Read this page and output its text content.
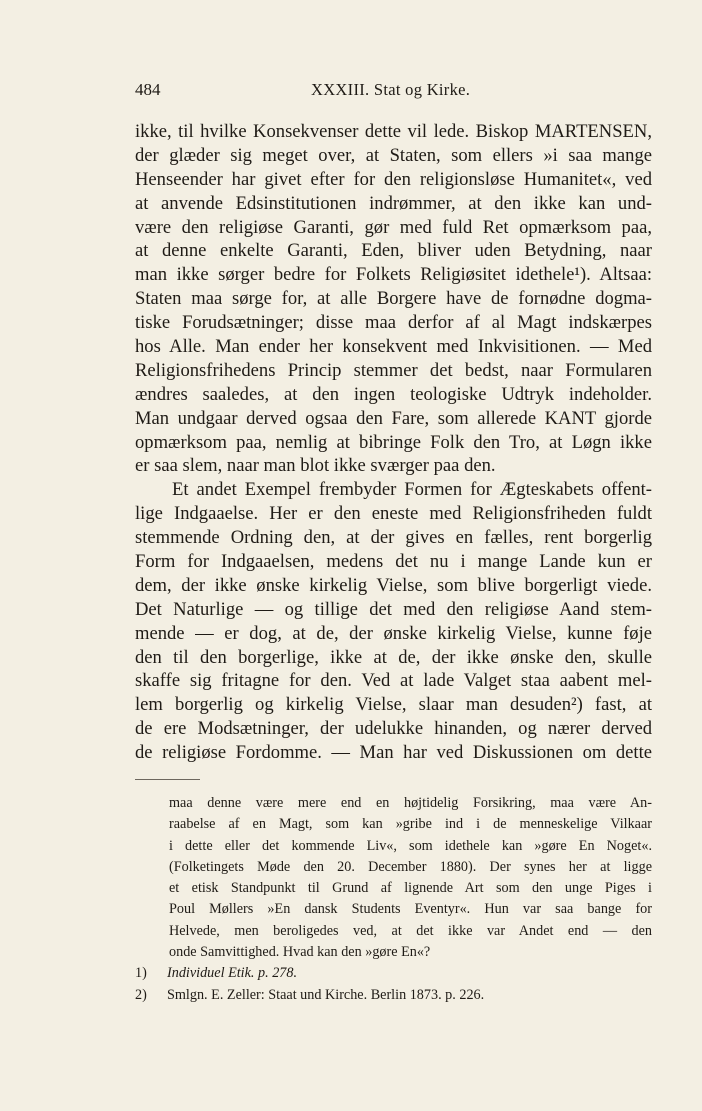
484	XXXIII. Stat og Kirke.
ikke, til hvilke Konsekvenser dette vil lede. Biskop MARTENSEN,
der glæder sig meget over, at Staten, som ellers »i saa mange
Henseender har givet efter for den religionsløse Humanitet«, ved
at anvende Edsinstitutionen indrømmer, at den ikke kan und-
være den religiøse Garanti, gør med fuld Ret opmærksom paa,
at denne enkelte Garanti, Eden, bliver uden Betydning, naar
man ikke sørger bedre for Folkets Religiøsitet idethele¹). Altsaa:
Staten maa sørge for, at alle Borgere have de fornødne dogma-
tiske Forudsætninger; disse maa derfor af al Magt indskærpes
hos Alle. Man ender her konsekvent med Inkvisitionen. — Med
Religionsfrihedens Princip stemmer det bedst, naar Formularen
ændres saaledes, at den ingen teologiske Udtryk indeholder.
Man undgaar derved ogsaa den Fare, som allerede KANT gjorde
opmærksom paa, nemlig at bibringe Folk den Tro, at Løgn ikke
er saa slem, naar man blot ikke sværger paa den.
Et andet Exempel frembyder Formen for Ægteskabets offent-
lige Indgaaelse. Her er den eneste med Religionsfriheden fuldt
stemmende Ordning den, at der gives en fælles, rent borgerlig
Form for Indgaaelsen, medens det nu i mange Lande kun er
dem, der ikke ønske kirkelig Vielse, som blive borgerligt viede.
Det Naturlige — og tillige det med den religiøse Aand stem-
mende — er dog, at de, der ønske kirkelig Vielse, kunne føje
den til den borgerlige, ikke at de, der ikke ønske den, skulle
skaffe sig fritagne for den. Ved at lade Valget staa aabent mel-
lem borgerlig og kirkelig Vielse, slaar man desuden²) fast, at
de ere Modsætninger, der udelukke hinanden, og nærer derved
de religiøse Fordomme. — Man har ved Diskussionen om dette
maa denne være mere end en højtidelig Forsikring, maa være An-
raabelse af en Magt, som kan »gribe ind i de menneskelige Vilkaar
i dette eller det kommende Liv«, som idethele kan »gøre En Noget«.
(Folketingets Møde den 20. December 1880). Der synes her at ligge
et etisk Standpunkt til Grund af lignende Art som den unge Piges i
Poul Møllers »En dansk Students Eventyr«. Hun var saa bange for
Helvede, men beroligedes ved, at det ikke var Andet end — den
onde Samvittighed. Hvad kan den »gøre En«?
1) Individuel Etik. p. 278.
2) Smlgn. E. Zeller: Staat und Kirche. Berlin 1873. p. 226.
